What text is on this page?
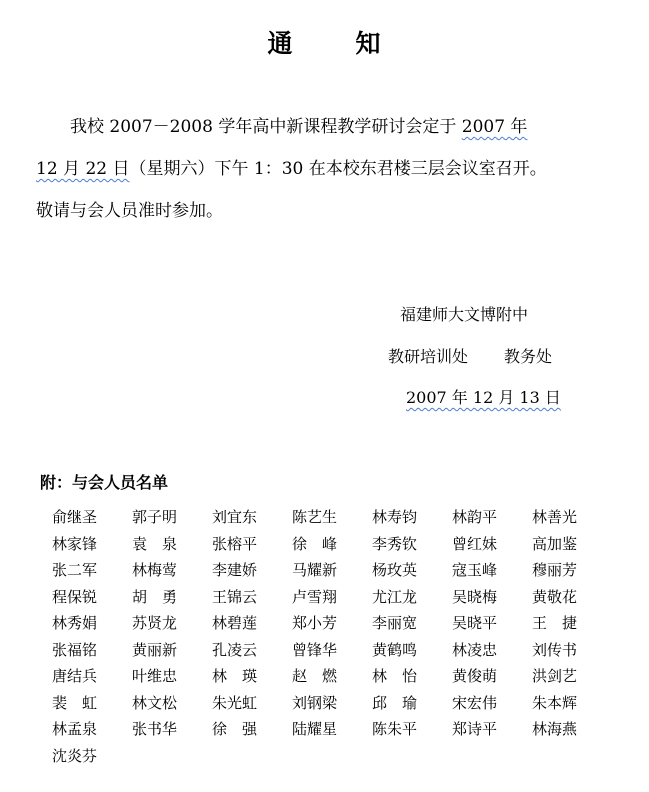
通 知
我校 2007－2008 学年高中新课程教学研讨会定于 2007 年
12 月 22 日（星期六）下午 1：30 在本校东君楼三层会议室召开。
敬请与会人员准时参加。
福建师大文博附中
教研培训处 教务处
2007 年 12 月 13 日
附：与会人员名单
俞继圣	郭子明	刘宜东	陈艺生	林寿钧	林韵平	林善光
林家锋	袁　泉	张榕平	徐　峰	李秀钦	曾红妹	高加鉴
张二军	林梅莺	李建娇	马耀新	杨玫英	寇玉峰	穆丽芳
程保锐	胡　勇	王锦云	卢雪翔	尤江龙	吴晓梅	黄敬花
林秀娟	苏贤龙	林碧莲	郑小芳	李丽宽	吴晓平	王　捷
张福铭	黄丽新	孔凌云	曾锋华	黄鹤鸣	林凌忠	刘传书
唐结兵	叶维忠	林　瑛	赵　燃	林　怡	黄俊萌	洪剑艺
裴　虹	林文松	朱光虹	刘钢梁	邱　瑜	宋宏伟	朱本辉
林孟泉	张书华	徐　强	陆耀星	陈朱平	郑诗平	林海燕
沈炎芬
